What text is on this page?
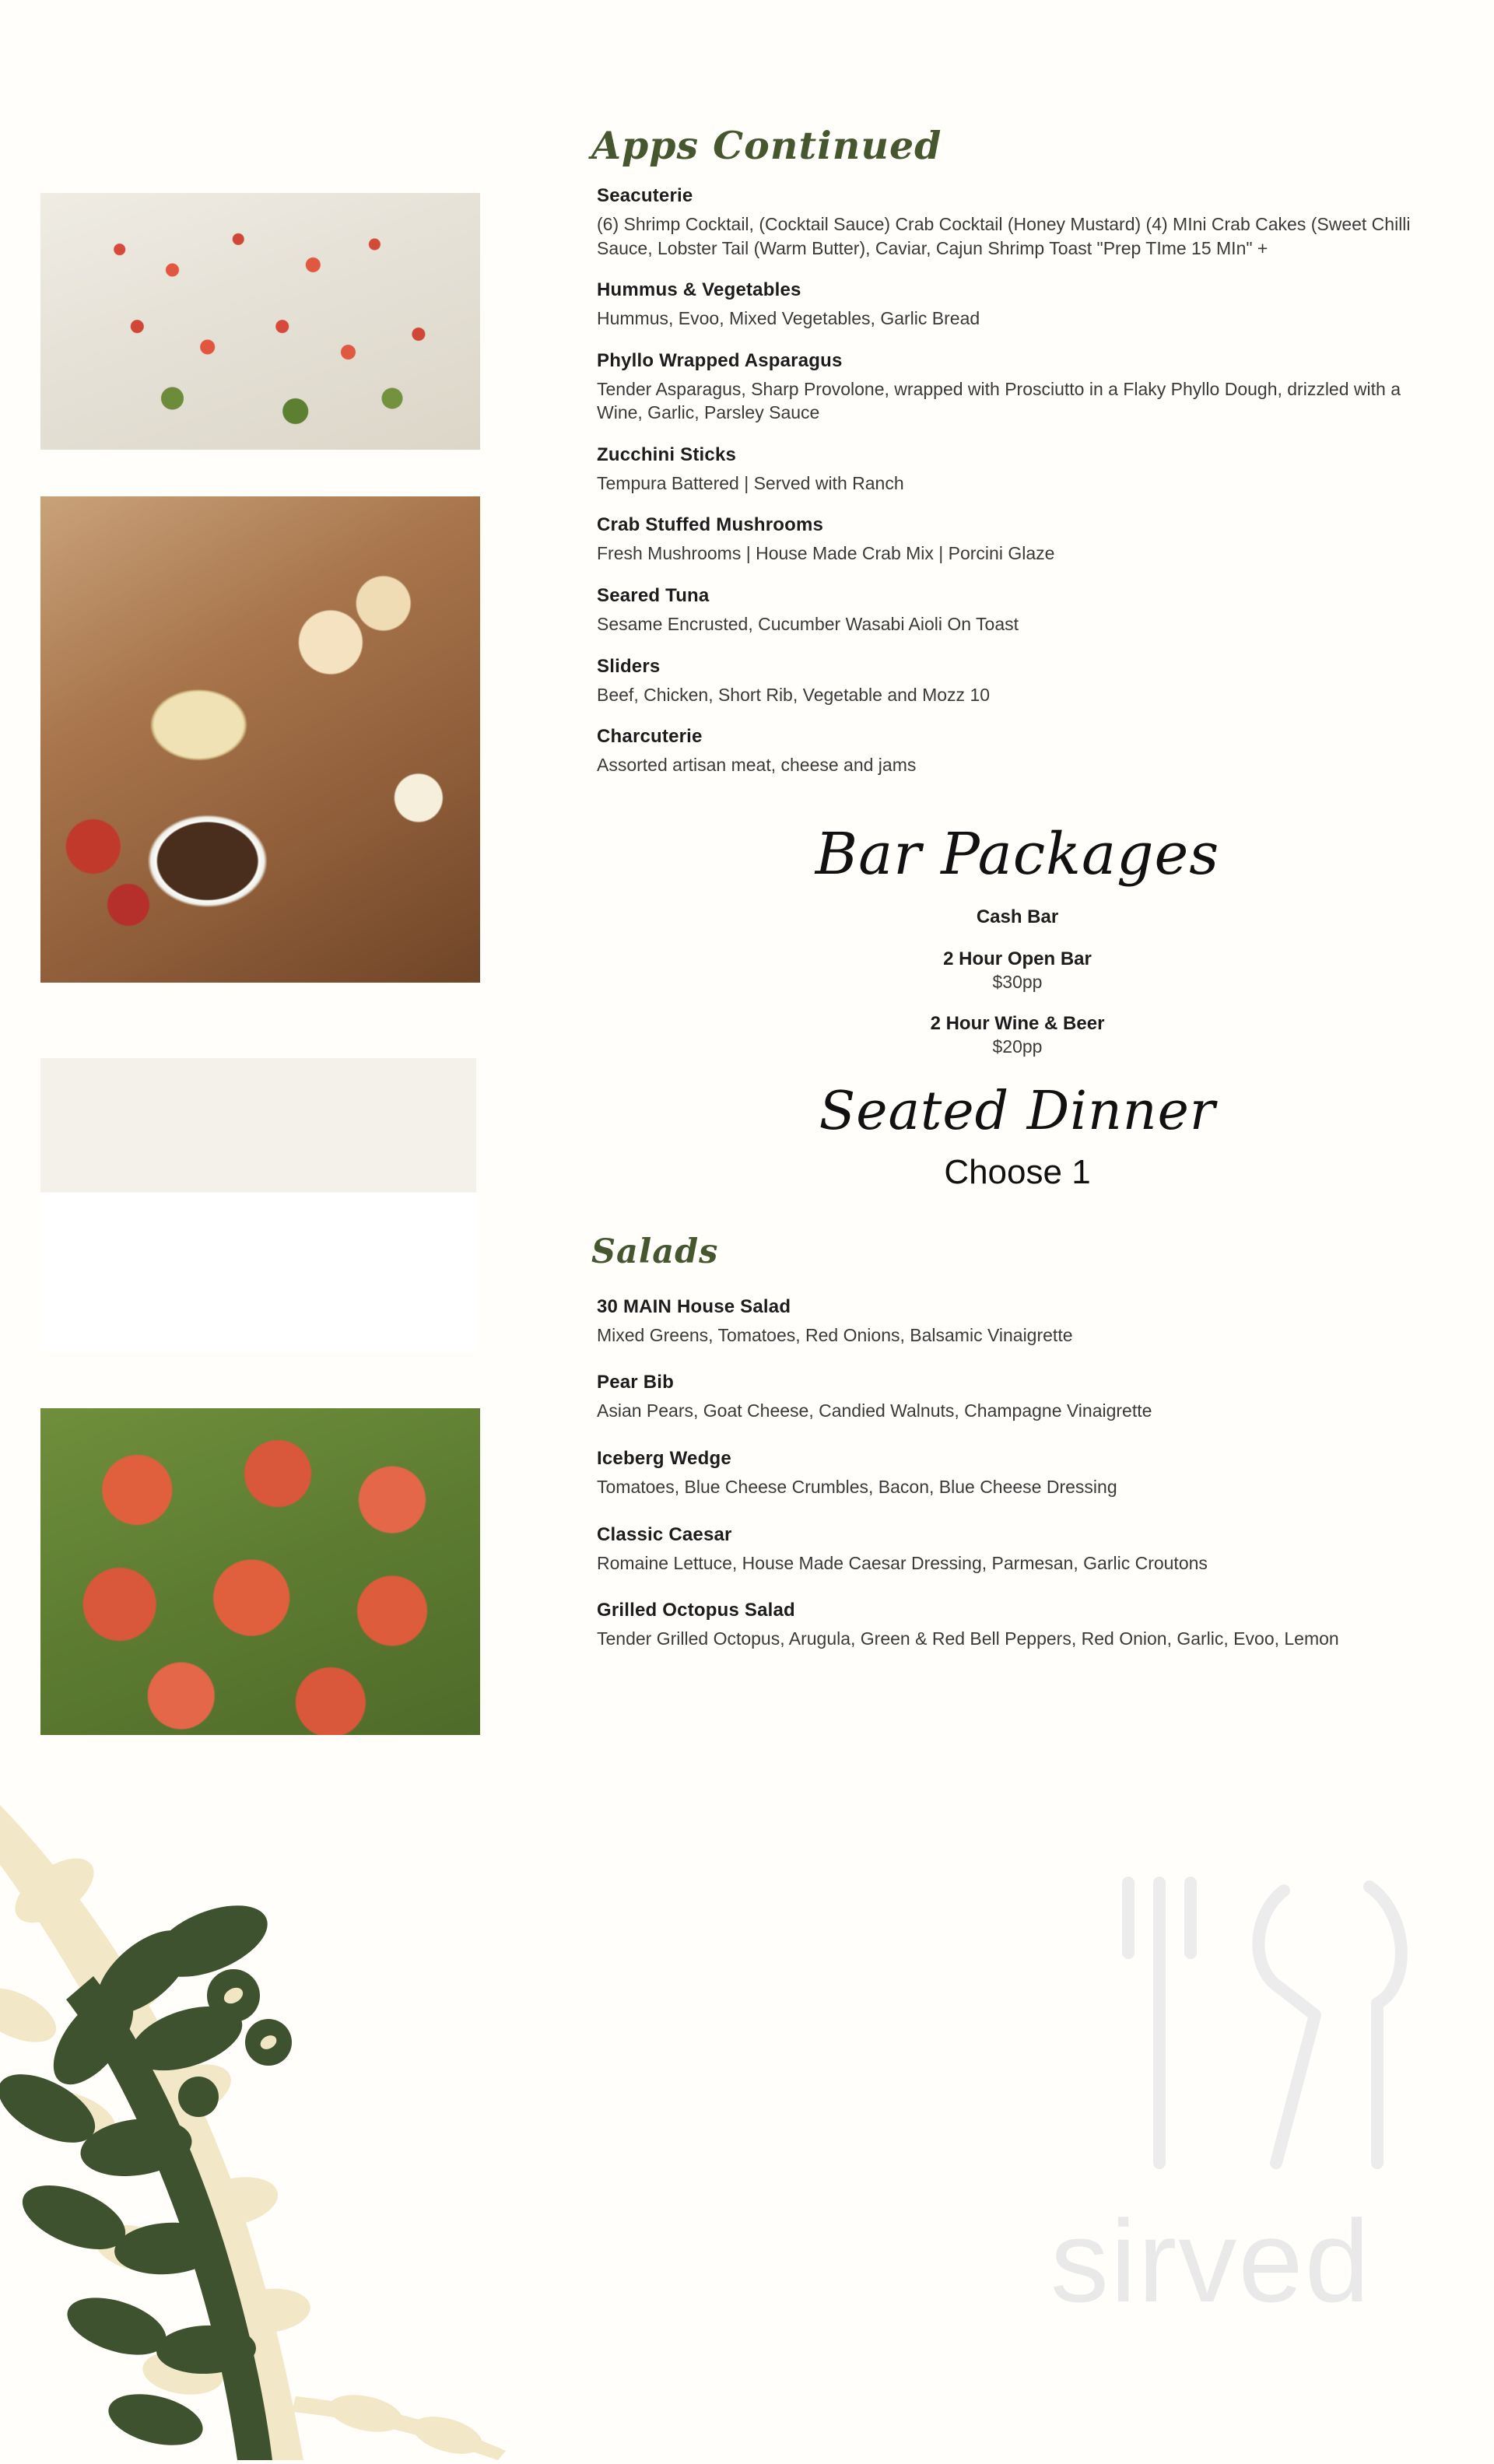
sirved
Apps Continued
Seacuterie
(6) Shrimp Cocktail, (Cocktail Sauce) Crab Cocktail (Honey Mustard) (4) MIni Crab Cakes (Sweet Chilli Sauce, Lobster Tail (Warm Butter), Caviar, Cajun Shrimp Toast "Prep TIme 15 MIn" +
Hummus & Vegetables
Hummus, Evoo, Mixed Vegetables, Garlic Bread
Phyllo Wrapped Asparagus
Tender Asparagus, Sharp Provolone, wrapped with Prosciutto in a Flaky Phyllo Dough, drizzled with a Wine, Garlic, Parsley Sauce
Zucchini Sticks
Tempura Battered | Served with Ranch
Crab Stuffed Mushrooms
Fresh Mushrooms | House Made Crab Mix | Porcini Glaze
Seared Tuna
Sesame Encrusted, Cucumber Wasabi Aioli On Toast
Sliders
Beef, Chicken, Short Rib, Vegetable and Mozz 10
Charcuterie
Assorted artisan meat, cheese and jams
Bar Packages
Cash Bar
2 Hour Open Bar
$30pp
2 Hour Wine & Beer
$20pp
Seated Dinner
Choose 1
Salads
30 MAIN House Salad
Mixed Greens, Tomatoes, Red Onions, Balsamic Vinaigrette
Pear Bib
Asian Pears, Goat Cheese, Candied Walnuts, Champagne Vinaigrette
Iceberg Wedge
Tomatoes, Blue Cheese Crumbles, Bacon, Blue Cheese Dressing
Classic Caesar
Romaine Lettuce, House Made Caesar Dressing, Parmesan, Garlic Croutons
Grilled Octopus Salad
Tender Grilled Octopus, Arugula, Green & Red Bell Peppers, Red Onion, Garlic, Evoo, Lemon
